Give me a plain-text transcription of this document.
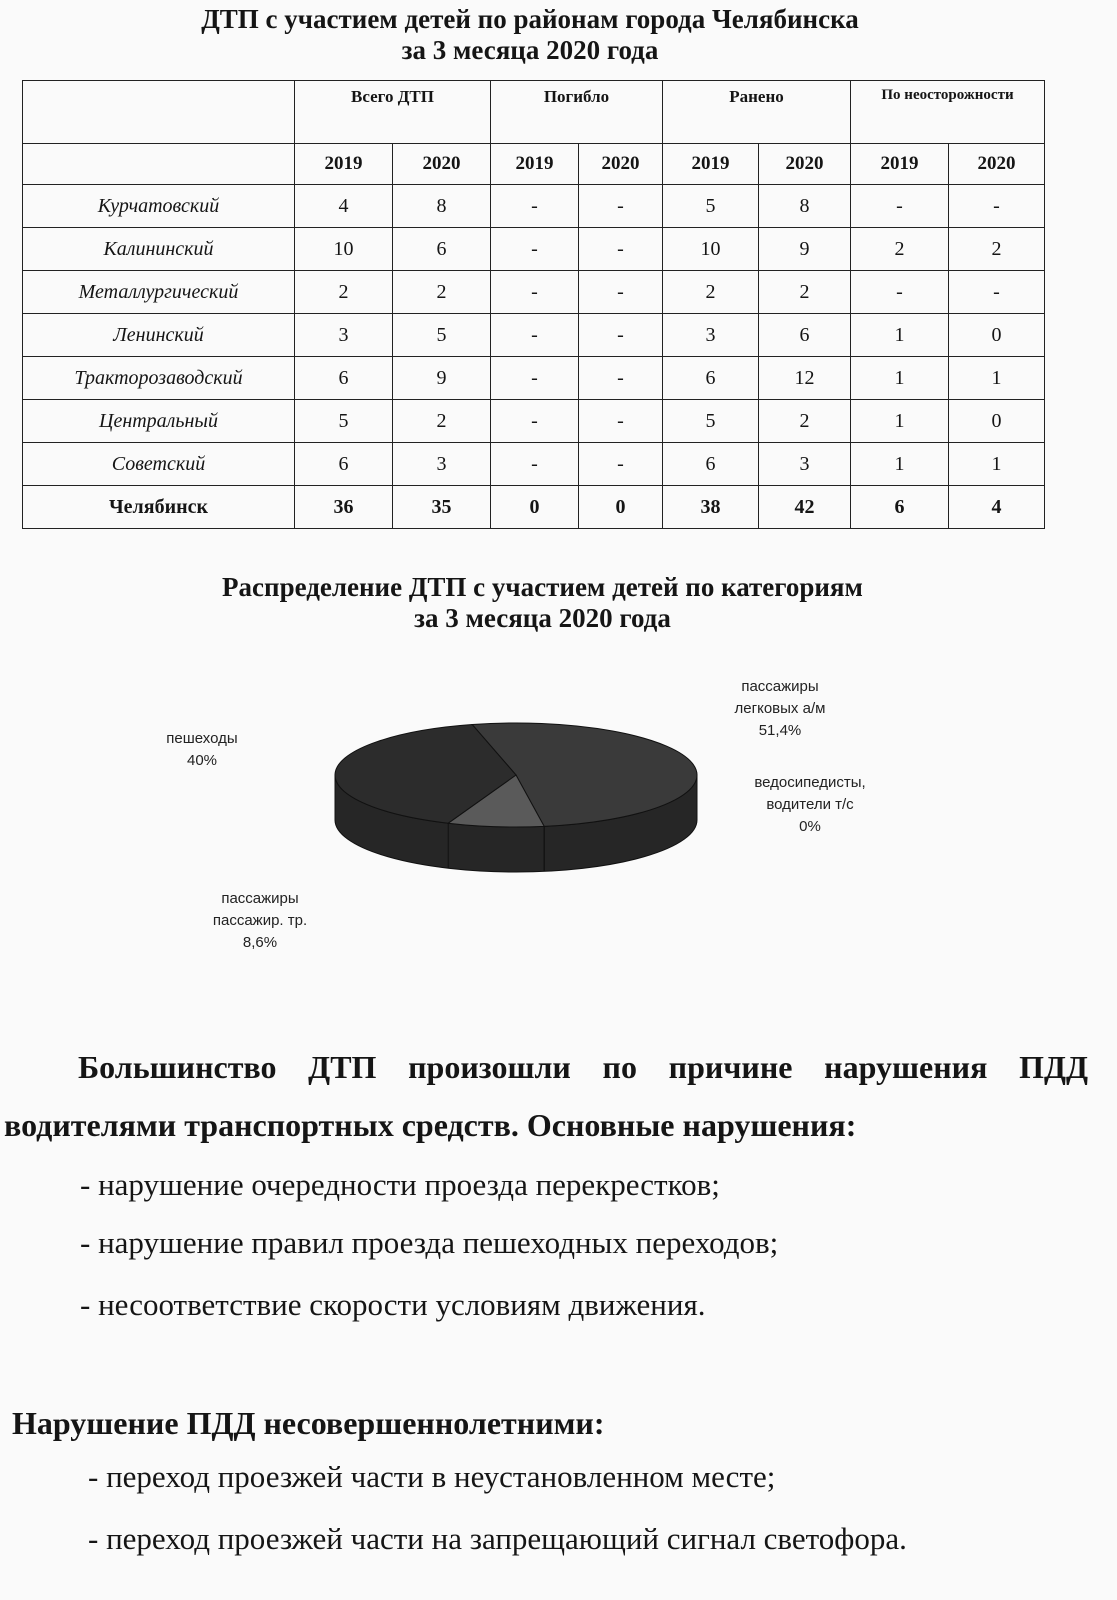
ДТП с участием детей по районам города Челябинска
за 3 месяца 2020 года
	Всего ДТП		Погибло		Ранено		По неосторожности	
	2019	2020	2019	2020	2019	2020	2019	2020
Курчатовский	4	8	-	-	5	8	-	-
Калининский	10	6	-	-	10	9	2	2
Металлургический	2	2	-	-	2	2	-	-
Ленинский	3	5	-	-	3	6	1	0
Тракторозаводский	6	9	-	-	6	12	1	1
Центральный	5	2	-	-	5	2	1	0
Советский	6	3	-	-	6	3	1	1
Челябинск	36	35	0	0	38	42	6	4
Распределение ДТП с участием детей по категориям
за 3 месяца 2020 года
пассажиры
легковых а/м
51,4%
ведосипедисты,
водители т/с
0%
пассажиры
пассажир. тр.
8,6%
пешеходы
40%
Большинство ДТП произошли по причине нарушения ПДД
водителями транспортных средств. Основные нарушения:
- нарушение очередности проезда перекрестков;
- нарушение правил проезда пешеходных переходов;
- несоответствие скорости условиям движения.
Нарушение ПДД несовершеннолетними:
- переход проезжей части в неустановленном месте;
- переход проезжей части на запрещающий сигнал светофора.
